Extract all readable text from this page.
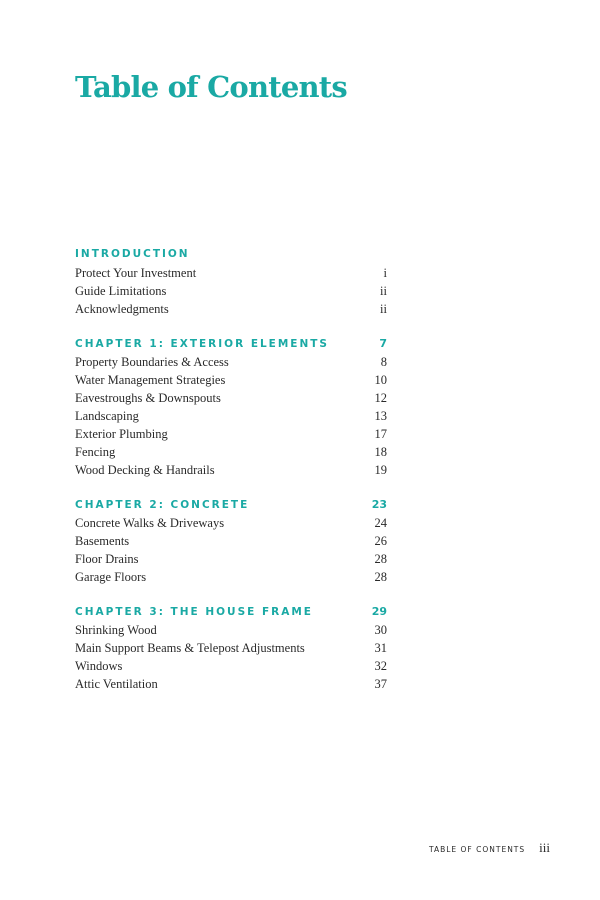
Table of Contents
INTRODUCTION
Protect Your Investment	i
Guide Limitations	ii
Acknowledgments	ii
CHAPTER 1: EXTERIOR ELEMENTS	7
Property Boundaries & Access	8
Water Management Strategies	10
Eavestroughs & Downspouts	12
Landscaping	13
Exterior Plumbing	17
Fencing	18
Wood Decking & Handrails	19
CHAPTER 2: CONCRETE	23
Concrete Walks & Driveways	24
Basements	26
Floor Drains	28
Garage Floors	28
CHAPTER 3: THE HOUSE FRAME	29
Shrinking Wood	30
Main Support Beams & Telepost Adjustments	31
Windows	32
Attic Ventilation	37
TABLE OF CONTENTS iii
